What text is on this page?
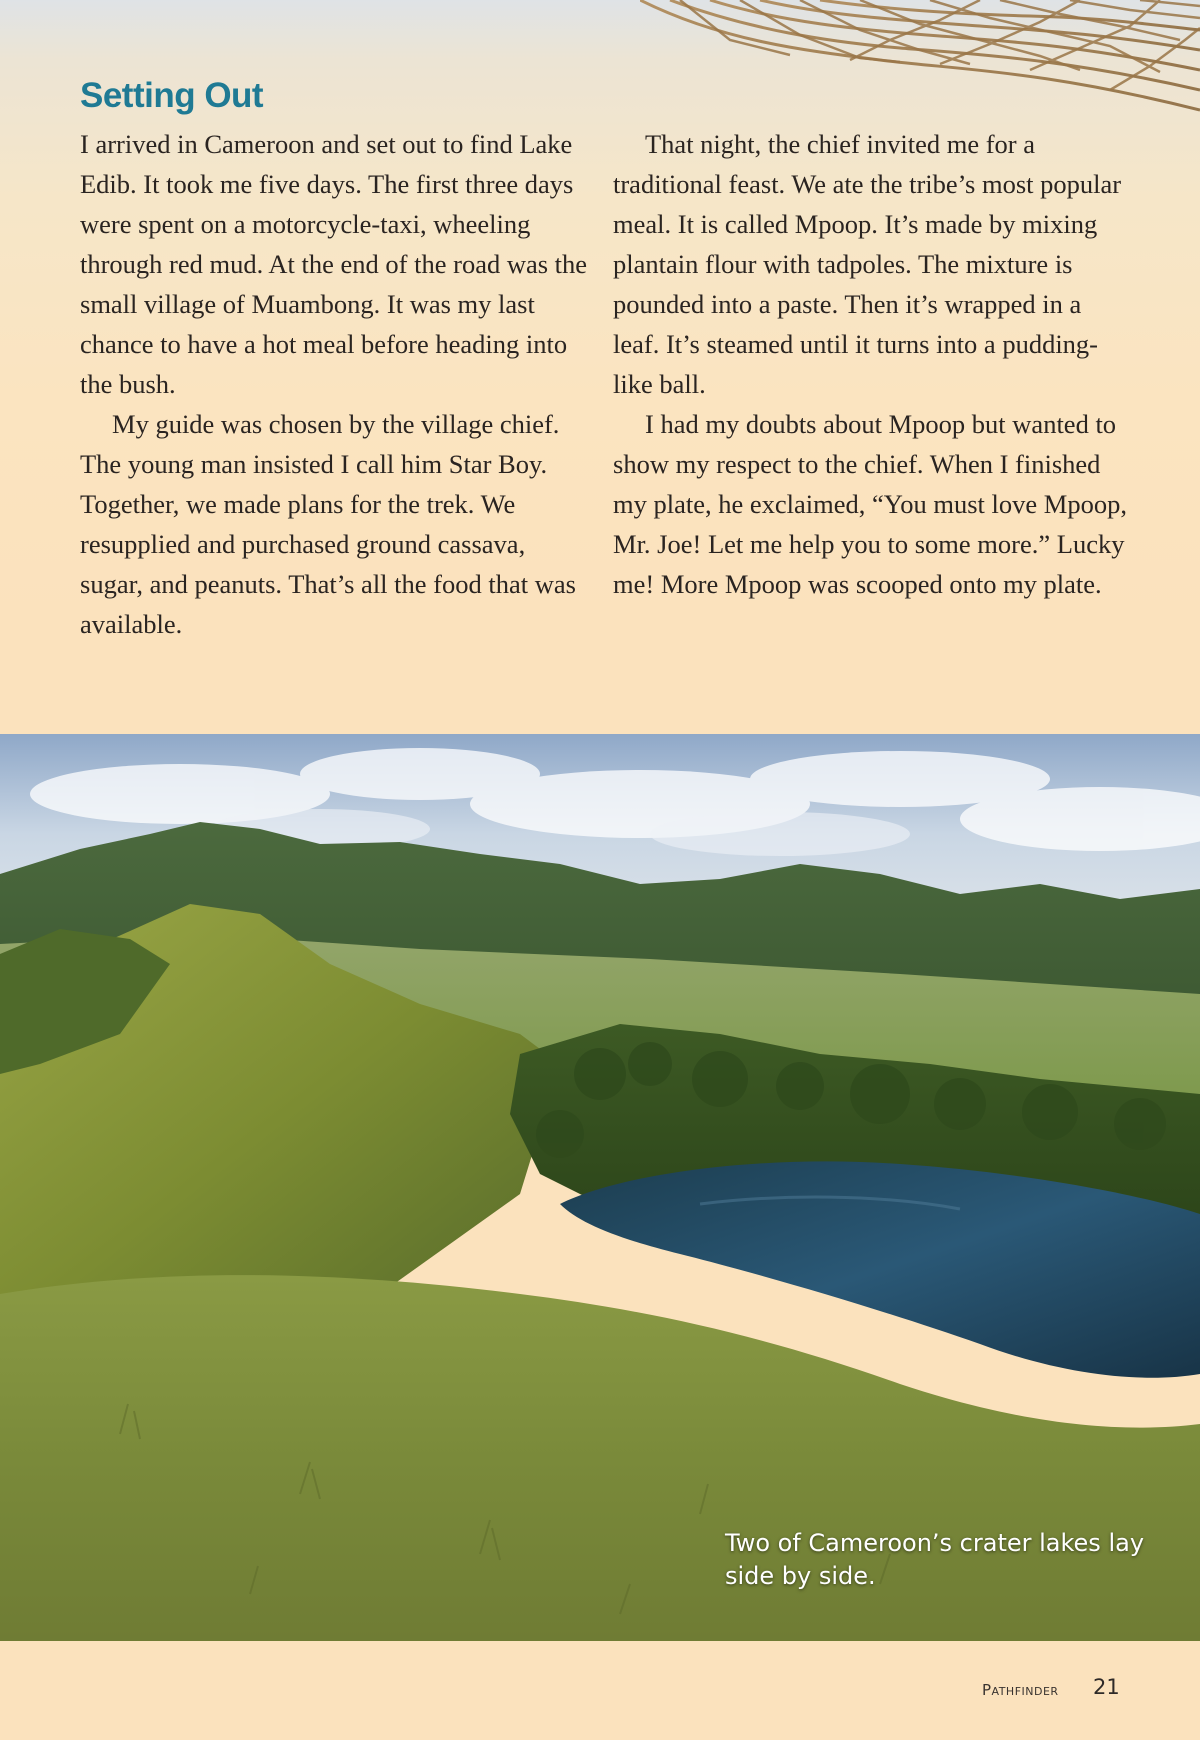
Setting Out

I arrived in Cameroon and set out to find Lake Edib. It took me five days. The first three days were spent on a motorcycle-taxi, wheeling through red mud. At the end of the road was the small village of Muambong. It was my last chance to have a hot meal before heading into the bush.

My guide was chosen by the village chief. The young man insisted I call him Star Boy. Together, we made plans for the trek. We resupplied and purchased ground cassava, sugar, and peanuts. That’s all the food that was available.

That night, the chief invited me for a traditional feast. We ate the tribe’s most popular meal. It is called Mpoop. It’s made by mixing plantain flour with tadpoles. The mixture is pounded into a paste. Then it’s wrapped in a leaf. It’s steamed until it turns into a pudding-like ball.

I had my doubts about Mpoop but wanted to show my respect to the chief. When I finished my plate, he exclaimed, “You must love Mpoop, Mr. Joe! Let me help you to some more.” Lucky me! More Mpoop was scooped onto my plate.

Two of Cameroon’s crater lakes lay side by side.
Pathfinder 21
